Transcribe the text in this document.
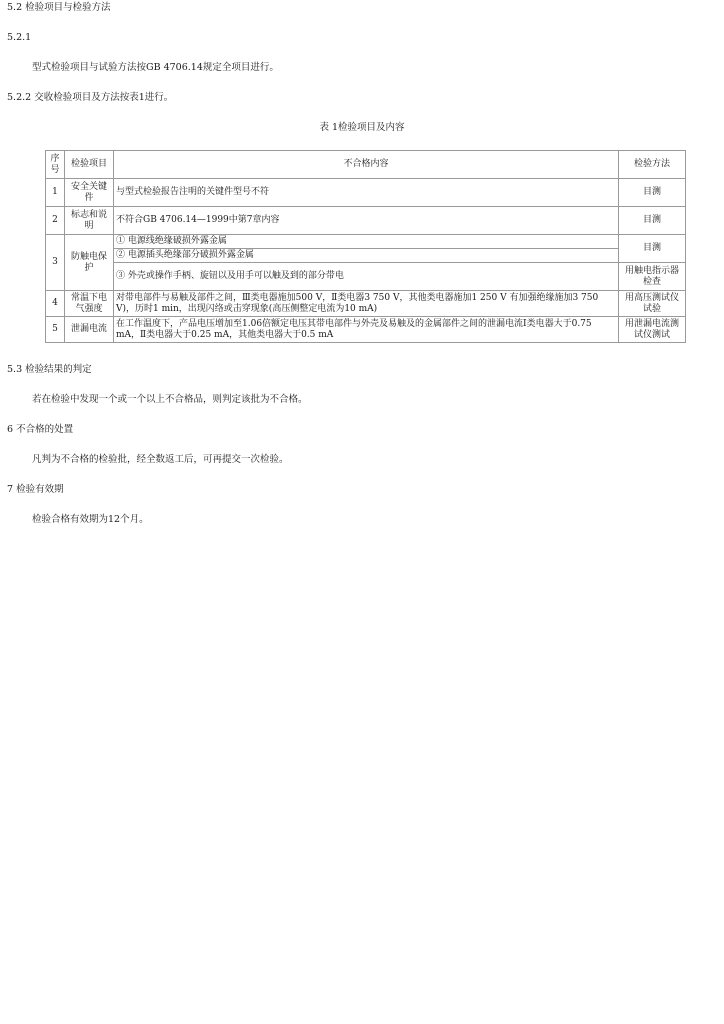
5.2 检验项目与检验方法
5.2.1
型式检验项目与试验方法按GB 4706.14规定全项目进行。
5.2.2 交收检验项目及方法按表1进行。
表 1检验项目及内容
序号	检验项目	不合格内容	检验方法
1	安全关键件	与型式检验报告注明的关键件型号不符	目测
2	标志和说明	不符合GB 4706.14—1999中第7章内容	目测
3	防触电保护	① 电源线绝缘破损外露金属	目测
		② 电源插头绝缘部分破损外露金属	
		③ 外壳或操作手柄、旋钮以及用手可以触及到的部分带电	用触电指示器检查
4	常温下电气强度	对带电部件与易触及部件之间，Ⅲ类电器施加500 V，Ⅱ类电器3 750 V，其他类电器施加1 250 V 有加强绝缘施加3 750 V)，历时1 min，出现闪络或击穿现象(高压侧整定电流为10 mA)	用高压测试仪试验
5	泄漏电流	在工作温度下，产品电压增加至1.06倍额定电压其带电部件与外壳及易触及的金属部件之间的泄漏电流Ⅰ类电器大于0.75 mA，Ⅱ类电器大于0.25 mA，其他类电器大于0.5 mA	用泄漏电流测试仪测试
5.3 检验结果的判定
若在检验中发现一个或一个以上不合格品，则判定该批为不合格。
6 不合格的处置
凡判为不合格的检验批，经全数返工后，可再提交一次检验。
7 检验有效期
检验合格有效期为12个月。
